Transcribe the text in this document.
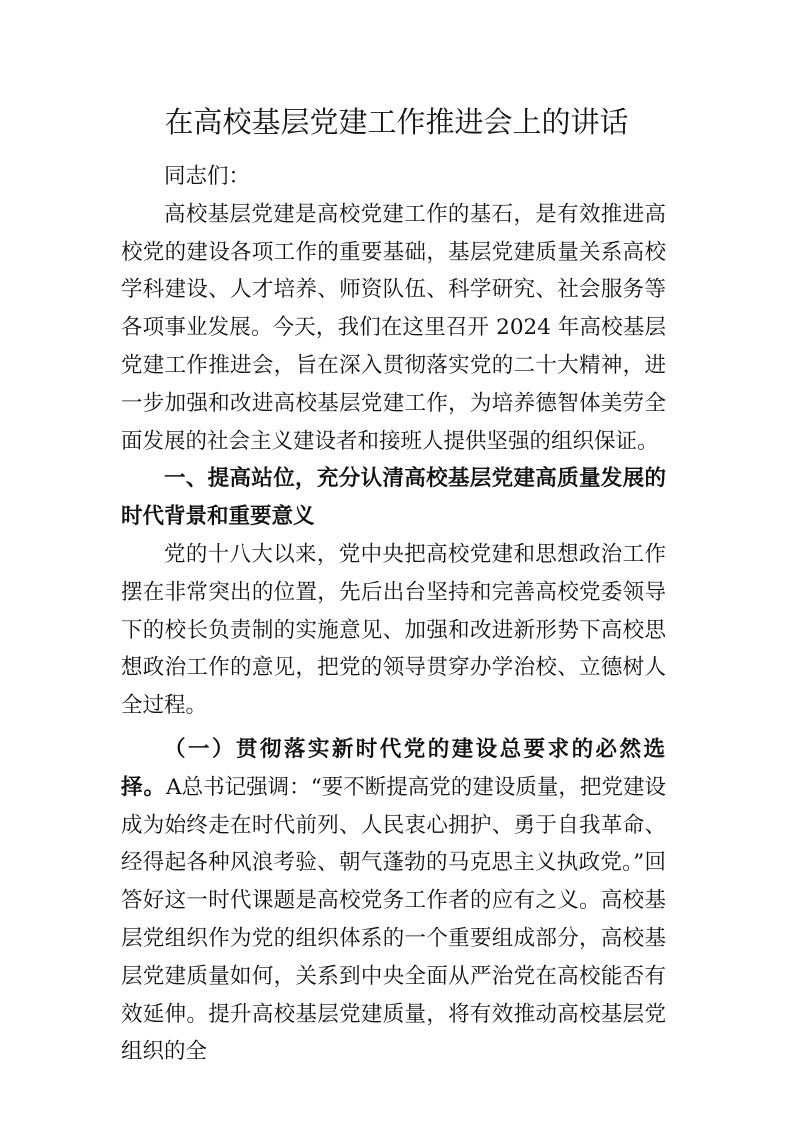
在高校基层党建工作推进会上的讲话

同志们：

高校基层党建是高校党建工作的基石，是有效推进高校党的建设各项工作的重要基础，基层党建质量关系高校学科建设、人才培养、师资队伍、科学研究、社会服务等各项事业发展。今天，我们在这里召开 2024 年高校基层党建工作推进会，旨在深入贯彻落实党的二十大精神，进一步加强和改进高校基层党建工作，为培养德智体美劳全面发展的社会主义建设者和接班人提供坚强的组织保证。

一、提高站位，充分认清高校基层党建高质量发展的时代背景和重要意义

党的十八大以来，党中央把高校党建和思想政治工作摆在非常突出的位置，先后出台坚持和完善高校党委领导下的校长负责制的实施意见、加强和改进新形势下高校思想政治工作的意见，把党的领导贯穿办学治校、立德树人全过程。

（一）贯彻落实新时代党的建设总要求的必然选择。A总书记强调：“要不断提高党的建设质量，把党建设成为始终走在时代前列、人民衷心拥护、勇于自我革命、经得起各种风浪考验、朝气蓬勃的马克思主义执政党。”回答好这一时代课题是高校党务工作者的应有之义。高校基层党组织作为党的组织体系的一个重要组成部分，高校基层党建质量如何，关系到中央全面从严治党在高校能否有效延伸。提升高校基层党建质量，将有效推动高校基层党组织的全
